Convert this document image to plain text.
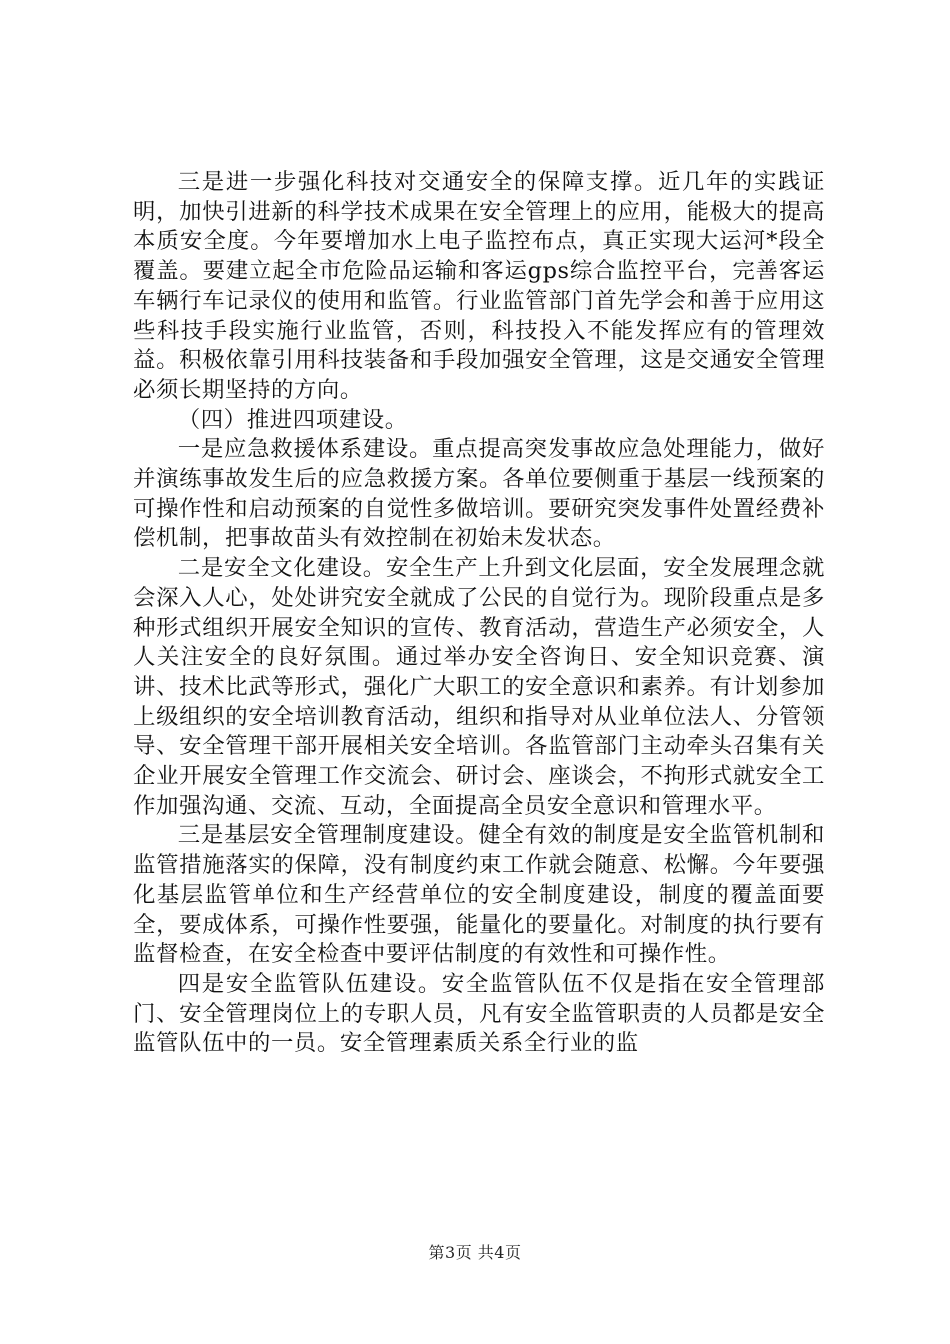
三是进一步强化科技对交通安全的保障支撑。近几年的实践证明，加快引进新的科学技术成果在安全管理上的应用，能极大的提高本质安全度。今年要增加水上电子监控布点，真正实现大运河*段全覆盖。要建立起全市危险品运输和客运gps综合监控平台，完善客运车辆行车记录仪的使用和监管。行业监管部门首先学会和善于应用这些科技手段实施行业监管，否则，科技投入不能发挥应有的管理效益。积极依靠引用科技装备和手段加强安全管理，这是交通安全管理必须长期坚持的方向。

（四）推进四项建设。

一是应急救援体系建设。重点提高突发事故应急处理能力，做好并演练事故发生后的应急救援方案。各单位要侧重于基层一线预案的可操作性和启动预案的自觉性多做培训。要研究突发事件处置经费补偿机制，把事故苗头有效控制在初始未发状态。

二是安全文化建设。安全生产上升到文化层面，安全发展理念就会深入人心，处处讲究安全就成了公民的自觉行为。现阶段重点是多种形式组织开展安全知识的宣传、教育活动，营造生产必须安全，人人关注安全的良好氛围。通过举办安全咨询日、安全知识竞赛、演讲、技术比武等形式，强化广大职工的安全意识和素养。有计划参加上级组织的安全培训教育活动，组织和指导对从业单位法人、分管领导、安全管理干部开展相关安全培训。各监管部门主动牵头召集有关企业开展安全管理工作交流会、研讨会、座谈会，不拘形式就安全工作加强沟通、交流、互动，全面提高全员安全意识和管理水平。

三是基层安全管理制度建设。健全有效的制度是安全监管机制和监管措施落实的保障，没有制度约束工作就会随意、松懈。今年要强化基层监管单位和生产经营单位的安全制度建设，制度的覆盖面要全，要成体系，可操作性要强，能量化的要量化。对制度的执行要有监督检查，在安全检查中要评估制度的有效性和可操作性。

四是安全监管队伍建设。安全监管队伍不仅是指在安全管理部门、安全管理岗位上的专职人员，凡有安全监管职责的人员都是安全监管队伍中的一员。安全管理素质关系全行业的监

第3页 共4页
